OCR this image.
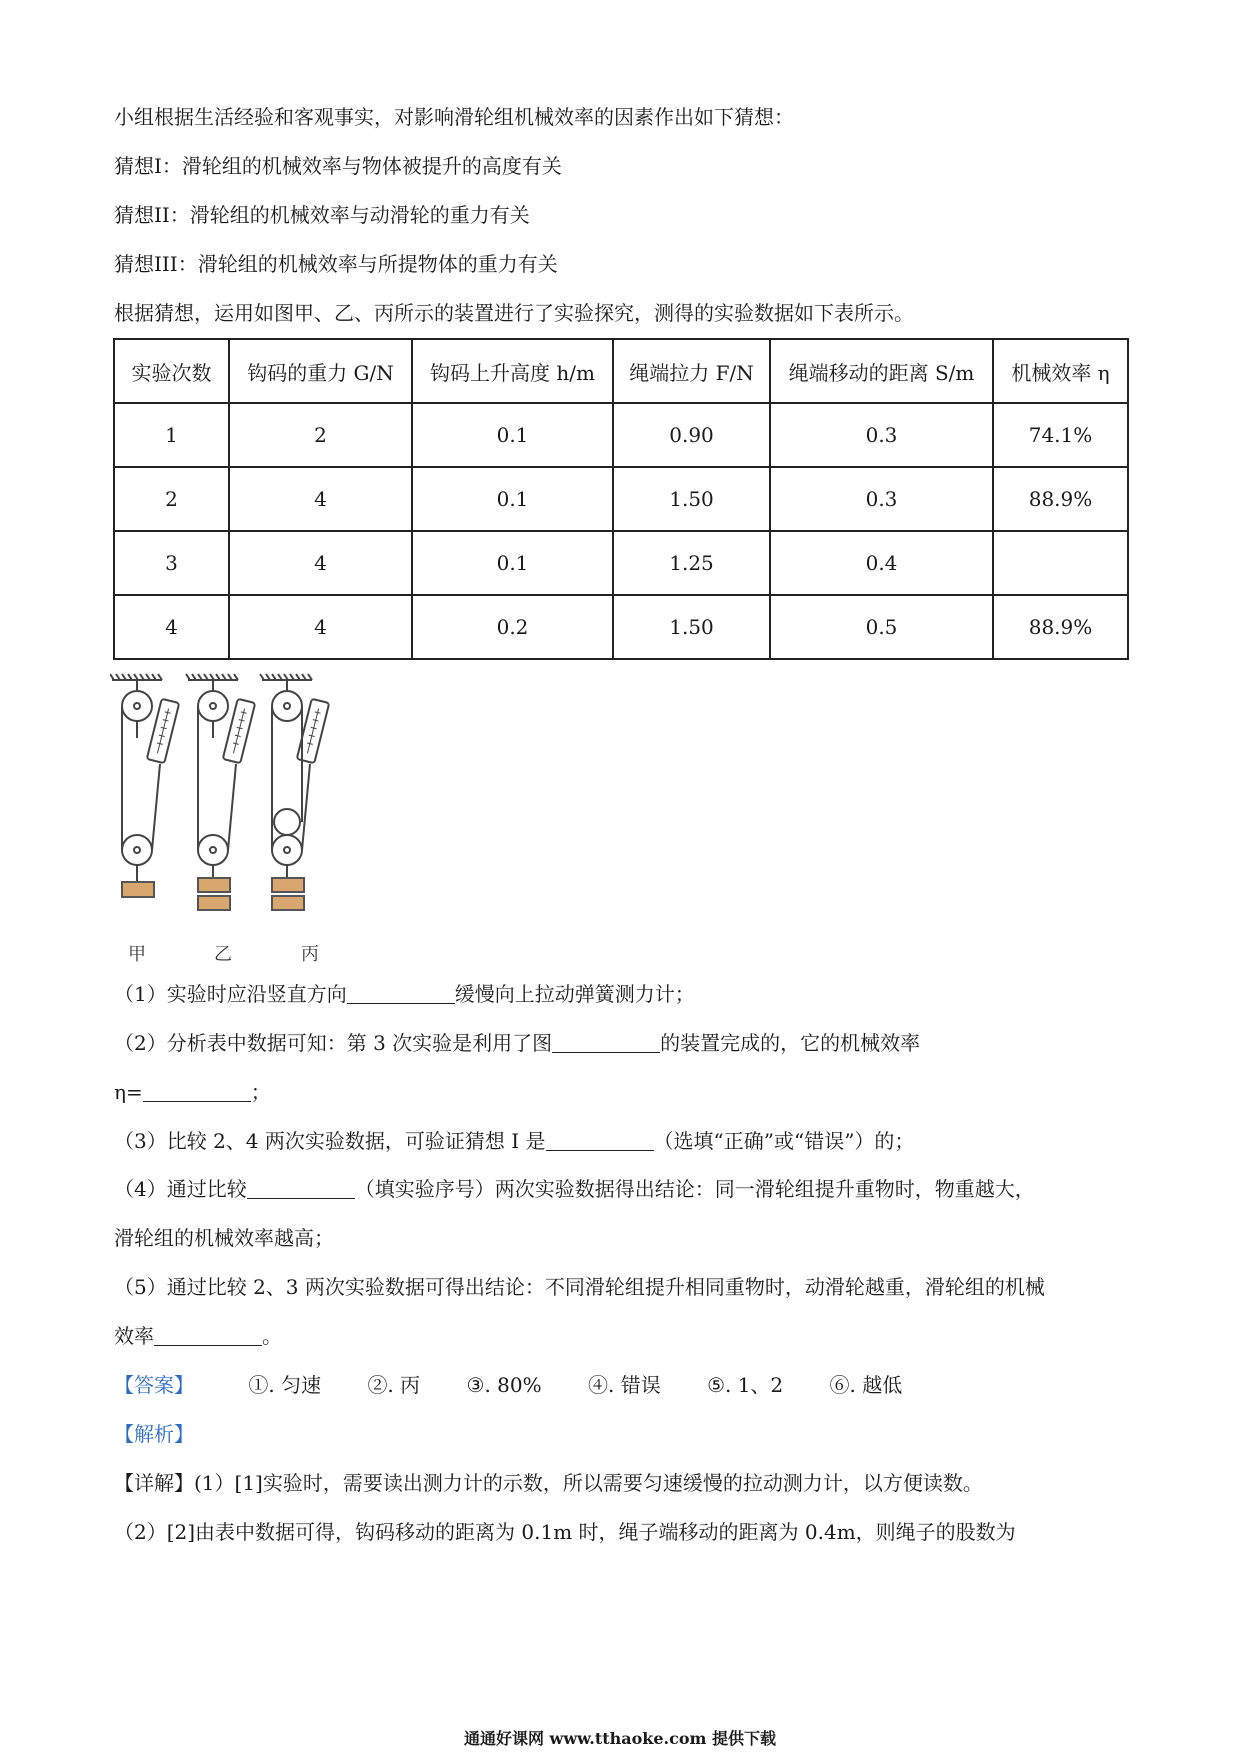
小组根据生活经验和客观事实，对影响滑轮组机械效率的因素作出如下猜想：
猜想I：滑轮组的机械效率与物体被提升的高度有关
猜想II：滑轮组的机械效率与动滑轮的重力有关
猜想III：滑轮组的机械效率与所提物体的重力有关
根据猜想，运用如图甲、乙、丙所示的装置进行了实验探究，测得的实验数据如下表所示。
实验次数	钩码的重力 G/N	钩码上升高度 h/m	绳端拉力 F/N	绳端移动的距离 S/m	机械效率 η
1	2	0.1	0.90	0.3	74.1%
2	4	0.1	1.50	0.3	88.9%
3	4	0.1	1.25	0.4	
4	4	0.2	1.50	0.5	88.9%
甲	乙	丙
（1）实验时应沿竖直方向	缓慢向上拉动弹簧测力计；
（2）分析表中数据可知：第 3 次实验是利用了图	的装置完成的，它的机械效率
η=	；
（3）比较 2、4 两次实验数据，可验证猜想 I 是	（选填“正确”或“错误”）的；
（4）通过比较	（填实验序号）两次实验数据得出结论：同一滑轮组提升重物时，物重越大，
滑轮组的机械效率越高；
（5）通过比较 2、3 两次实验数据可得出结论：不同滑轮组提升相同重物时，动滑轮越重，滑轮组的机械
效率	。
【答案】	①. 匀速 ②. 丙 ③. 80% ④. 错误 ⑤. 1、2 ⑥. 越低
【解析】
【详解】(1）[1]实验时，需要读出测力计的示数，所以需要匀速缓慢的拉动测力计，以方便读数。
（2）[2]由表中数据可得，钩码移动的距离为 0.1m 时，绳子端移动的距离为 0.4m，则绳子的股数为
通通好课网 www.tthaoke.com 提供下载
